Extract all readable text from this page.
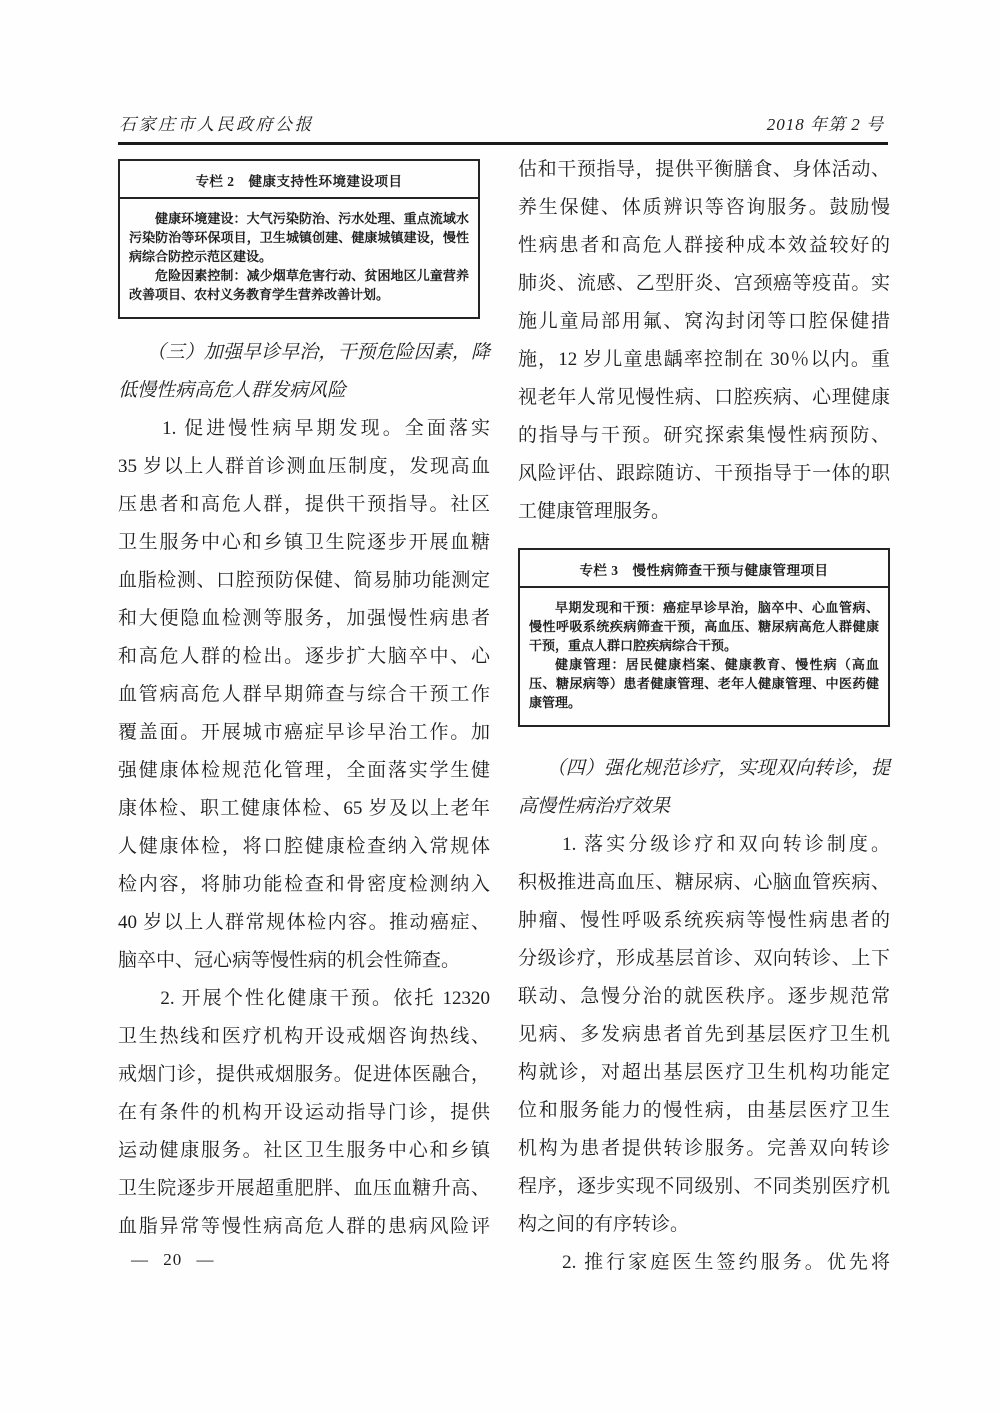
石家庄市人民政府公报	2018 年第 2 号
专栏 2　健康支持性环境建设项目

健康环境建设：大气污染防治、污水处理、重点流域水污染防治等环保项目，卫生城镇创建、健康城镇建设，慢性病综合防控示范区建设。

危险因素控制：减少烟草危害行动、贫困地区儿童营养改善项目、农村义务教育学生营养改善计划。

　　（三）加强早诊早治，干预危险因素，降
低慢性病高危人群发病风险
　　1. 促进慢性病早期发现。全面落实
35 岁以上人群首诊测血压制度，发现高血
压患者和高危人群，提供干预指导。社区
卫生服务中心和乡镇卫生院逐步开展血糖
血脂检测、口腔预防保健、简易肺功能测定
和大便隐血检测等服务，加强慢性病患者
和高危人群的检出。逐步扩大脑卒中、心
血管病高危人群早期筛查与综合干预工作
覆盖面。开展城市癌症早诊早治工作。加
强健康体检规范化管理，全面落实学生健
康体检、职工健康体检、65 岁及以上老年
人健康体检，将口腔健康检查纳入常规体
检内容，将肺功能检查和骨密度检测纳入
40 岁以上人群常规体检内容。推动癌症、
脑卒中、冠心病等慢性病的机会性筛查。
　　2. 开展个性化健康干预。依托 12320
卫生热线和医疗机构开设戒烟咨询热线、
戒烟门诊，提供戒烟服务。促进体医融合，
在有条件的机构开设运动指导门诊，提供
运动健康服务。社区卫生服务中心和乡镇
卫生院逐步开展超重肥胖、血压血糖升高、
血脂异常等慢性病高危人群的患病风险评
估和干预指导，提供平衡膳食、身体活动、
养生保健、体质辨识等咨询服务。鼓励慢
性病患者和高危人群接种成本效益较好的
肺炎、流感、乙型肝炎、宫颈癌等疫苗。实
施儿童局部用氟、窝沟封闭等口腔保健措
施，12 岁儿童患龋率控制在 30％以内。重
视老年人常见慢性病、口腔疾病、心理健康
的指导与干预。研究探索集慢性病预防、
风险评估、跟踪随访、干预指导于一体的职
工健康管理服务。
专栏 3　慢性病筛查干预与健康管理项目

早期发现和干预：癌症早诊早治，脑卒中、心血管病、慢性呼吸系统疾病筛查干预，高血压、糖尿病高危人群健康干预，重点人群口腔疾病综合干预。

健康管理：居民健康档案、健康教育、慢性病（高血压、糖尿病等）患者健康管理、老年人健康管理、中医药健康管理。

　　（四）强化规范诊疗，实现双向转诊，提
高慢性病治疗效果
　　1. 落实分级诊疗和双向转诊制度。
积极推进高血压、糖尿病、心脑血管疾病、
肿瘤、慢性呼吸系统疾病等慢性病患者的
分级诊疗，形成基层首诊、双向转诊、上下
联动、急慢分治的就医秩序。逐步规范常
见病、多发病患者首先到基层医疗卫生机
构就诊，对超出基层医疗卫生机构功能定
位和服务能力的慢性病，由基层医疗卫生
机构为患者提供转诊服务。完善双向转诊
程序，逐步实现不同级别、不同类别医疗机
构之间的有序转诊。
　　2. 推行家庭医生签约服务。优先将
— 20 —
